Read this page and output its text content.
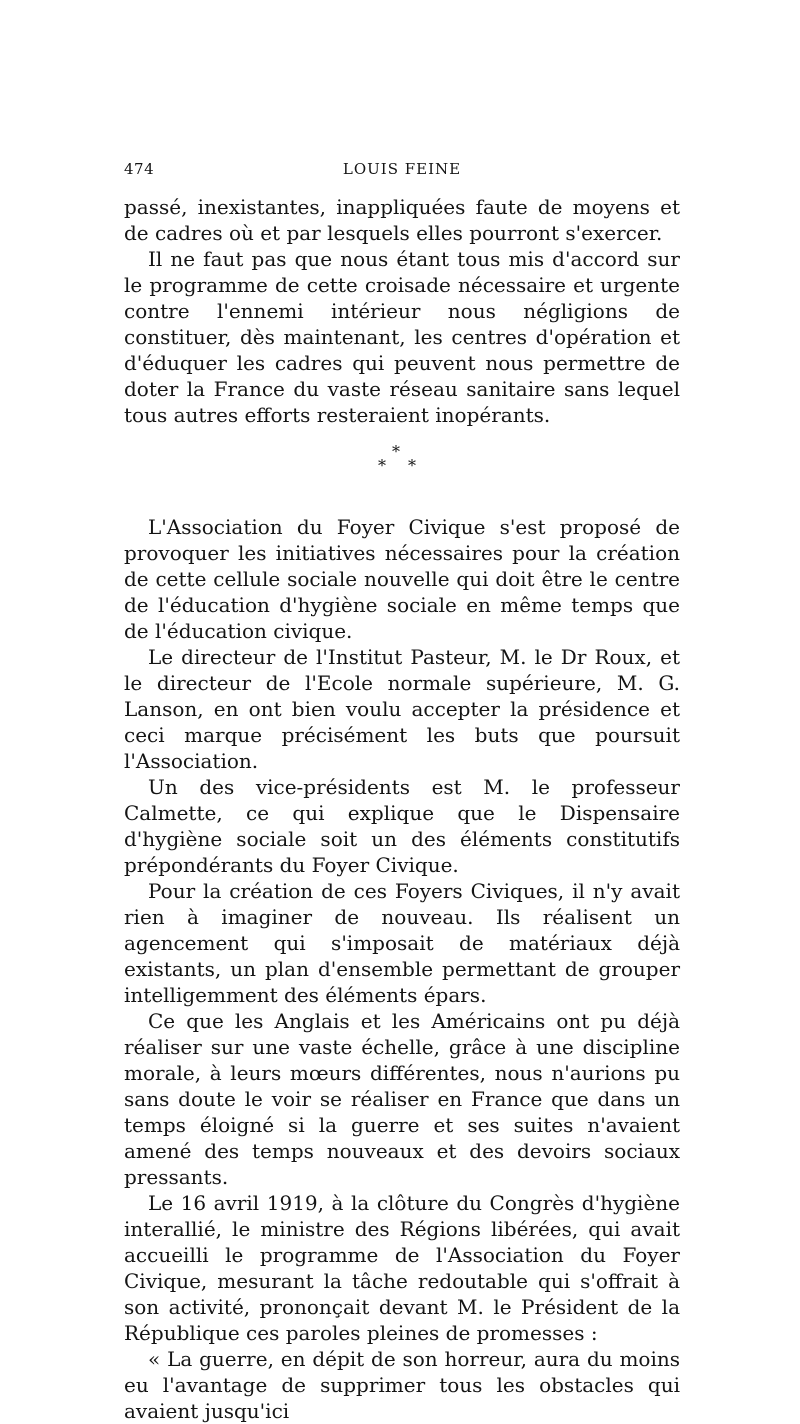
474	LOUIS FEINE

passé, inexistantes, inappliquées faute de moyens et de cadres où et par lesquels elles pourront s'exercer.

Il ne faut pas que nous étant tous mis d'accord sur le programme de cette croisade nécessaire et urgente contre l'ennemi intérieur nous négligions de constituer, dès maintenant, les centres d'opération et d'éduquer les cadres qui peuvent nous permettre de doter la France du vaste réseau sanitaire sans lequel tous autres efforts resteraient inopérants.

*
* *

L'Association du Foyer Civique s'est proposé de provoquer les initiatives nécessaires pour la création de cette cellule sociale nouvelle qui doit être le centre de l'éducation d'hygiène sociale en même temps que de l'éducation civique.

Le directeur de l'Institut Pasteur, M. le Dr Roux, et le directeur de l'Ecole normale supérieure, M. G. Lanson, en ont bien voulu accepter la présidence et ceci marque précisément les buts que poursuit l'Association.

Un des vice-présidents est M. le professeur Calmette, ce qui explique que le Dispensaire d'hygiène sociale soit un des éléments constitutifs prépondérants du Foyer Civique.

Pour la création de ces Foyers Civiques, il n'y avait rien à imaginer de nouveau. Ils réalisent un agencement qui s'imposait de matériaux déjà existants, un plan d'ensemble permettant de grouper intelligemment des éléments épars.

Ce que les Anglais et les Américains ont pu déjà réaliser sur une vaste échelle, grâce à une discipline morale, à leurs mœurs différentes, nous n'aurions pu sans doute le voir se réaliser en France que dans un temps éloigné si la guerre et ses suites n'avaient amené des temps nouveaux et des devoirs sociaux pressants.

Le 16 avril 1919, à la clôture du Congrès d'hygiène interallié, le ministre des Régions libérées, qui avait accueilli le programme de l'Association du Foyer Civique, mesurant la tâche redoutable qui s'offrait à son activité, prononçait devant M. le Président de la République ces paroles pleines de promesses :

« La guerre, en dépit de son horreur, aura du moins eu l'avantage de supprimer tous les obstacles qui avaient jusqu'ici
